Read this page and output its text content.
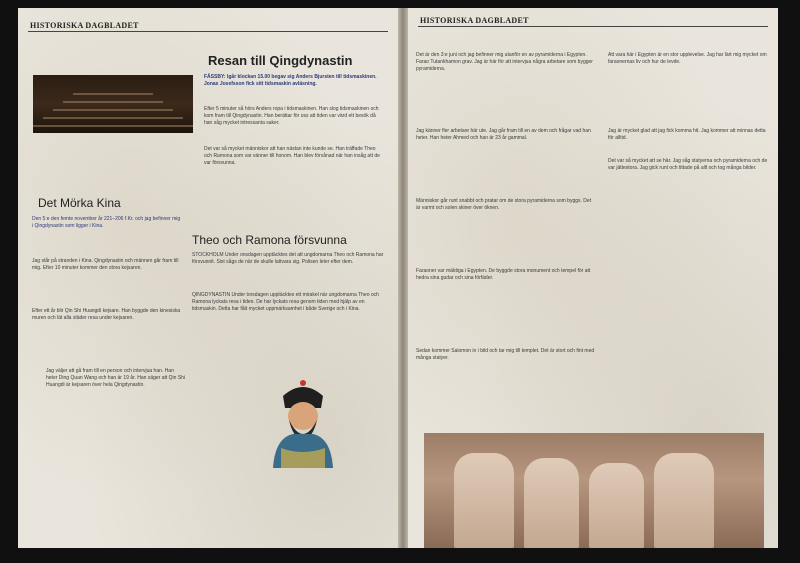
HISTORISKA DAGBLADET
Resan till Qingdynastin
FÄSSBY: Igår klockan 15.00 begav sig Anders Bjursten till tidsmaskinen. Jonas Josefsson fick sitt tidsmaskin avläsning.
Efter 5 minuter så hörs Anders ropa i tidsmaskinen. Han slog tidsmaskinen och kom fram till Qingdynastin. Han berättar för oss att tiden var värd ett besök då han såg mycket intressanta saker.
Det var så mycket människor att han nästan inte kunde se. Han träffade Theo och Ramona som var vänner till honom. Han blev förvånad när han insåg att de var försvunna.
Det Mörka Kina
Den 5:e den femte november år 221–206 f.Kr. och jag befinner mig i Qingdynastin som ligger i Kina.
Jag står på stranden i Kina. Qingdynastin och männen går fram till mig. Efter 10 minuter kommer den stora kejsaren.
Efter ett år blir Qin Shi Huangdi kejsare. Han byggde den kinesiska muren och lät alla städer resa under kejsaren.
Jag väljer att gå fram till en person och intervjua han. Han heter Ding Quan Wang och han är 19 år. Han säger att Qin Shi Huangdi är kejsaren över hela Qingdynastin.
Theo och Ramona försvunna
STOCKHOLM Under onsdagen upptäcktes det att ungdomarna Theo och Ramona har försvunnit. Sist sågs de när de skulle lattvara sig. Polisen leter efter dem.
QINGDYNASTIN Under torsdagen upptäcktes ett mirakel när ungdomarna Theo och Ramona lyckats resa i tiden. De har lyckats resa genom tiden med hjälp av en tidsmaskin. Detta har fått mycket uppmärksamhet i både Sverige och i Kina.
HISTORISKA DAGBLADET
Det är den 3:e juni och jag befinner mig utanför en av pyramiderna i Egypten. Farao Tutankhamon grav. Jag är här för att intervjua några arbetare som bygger pyramiderna.
Jag känner fler arbetare här ute. Jag går fram till en av dem och frågar vad han heter. Han heter Ahmed och han är 23 år gammal.
Människor går runt snabbt och pratar om de stora pyramiderna som byggs. Det är varmt och solen skiner över öknen.
Faraoner var mäktiga i Egypten. De byggde stora monument och tempel för att hedra sina gudar och sina förfäder.
Sedan kommer Salomon in i bild och tar mig till templet. Det är stort och fint med många statyer.
Att vara här i Egypten är en stor upplevelse. Jag har lärt mig mycket om faraonernas liv och hur de levde.
Jag är mycket glad att jag fick komma hit. Jag kommer att minnas detta för alltid.
Det var så mycket att se här. Jag såg statyerna och pyramiderna och de var jättestora. Jag gick runt och tittade på allt och tog många bilder.
